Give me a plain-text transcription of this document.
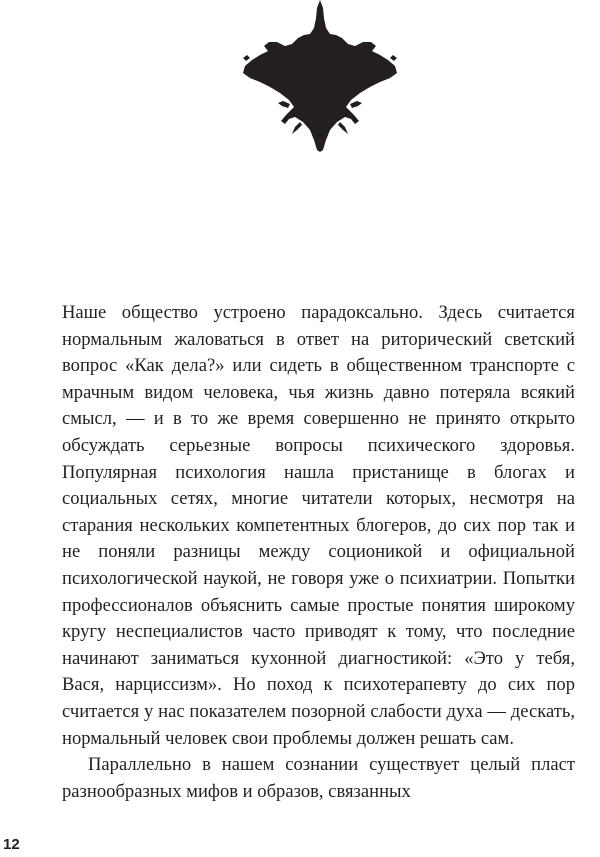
Наше общество устроено парадоксально. Здесь считается нормальным жаловаться в ответ на риторический светский вопрос «Как дела?» или сидеть в общественном транспорте с мрачным видом человека, чья жизнь давно потеряла всякий смысл, — и в то же время совершенно не принято открыто обсуждать серьезные вопросы психического здоровья. Популярная психология нашла пристанище в блогах и социальных сетях, многие читатели которых, несмотря на старания нескольких компетентных блогеров, до сих пор так и не поняли разницы между соционикой и официальной психологической наукой, не говоря уже о психиатрии. Попытки профессионалов объяснить самые простые понятия широкому кругу неспециалистов часто приводят к тому, что последние начинают заниматься кухонной диагностикой: «Это у тебя, Вася, нарциссизм». Но поход к психотерапевту до сих пор считается у нас показателем позорной слабости духа — дескать, нормальный человек свои проблемы должен решать сам.

Параллельно в нашем сознании существует целый пласт разнообразных мифов и образов, связанных

12
